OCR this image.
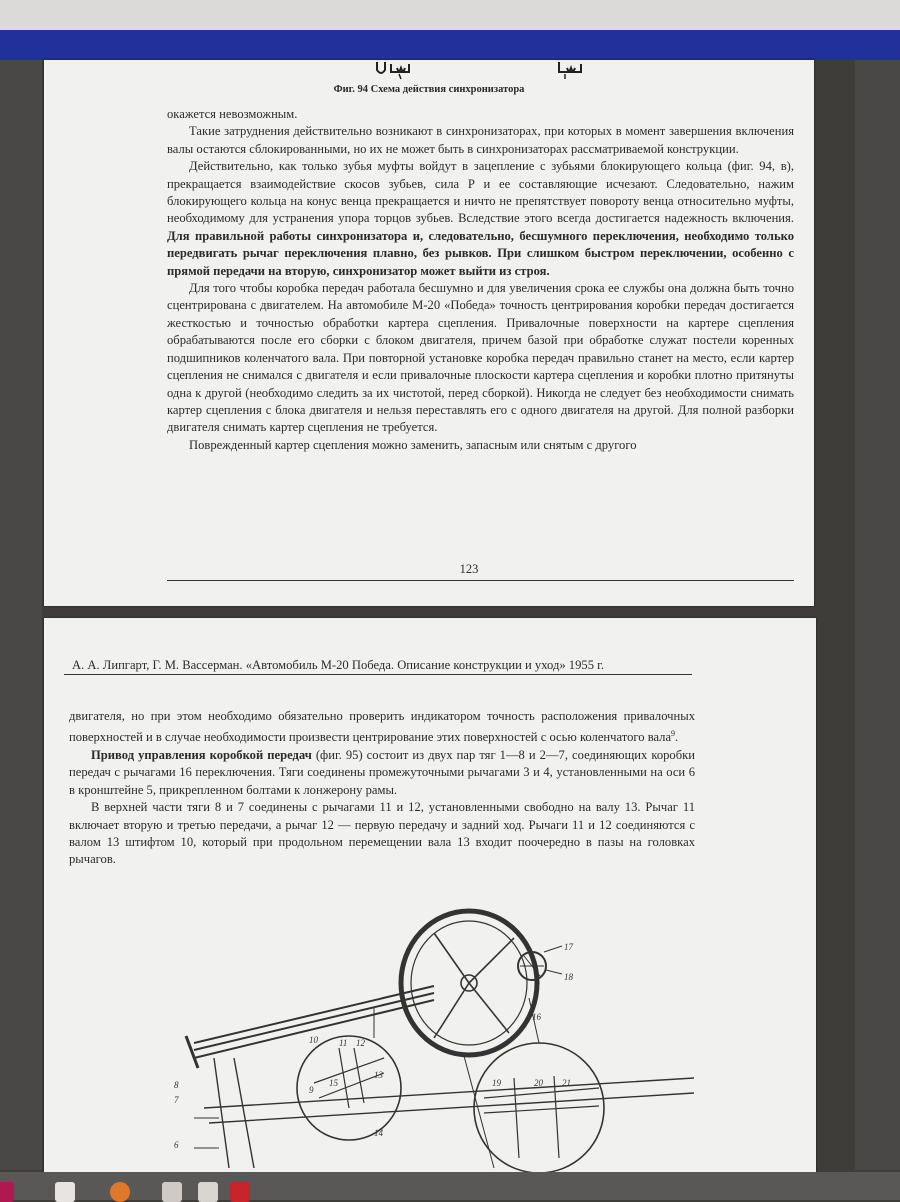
Фиг. 94 Схема действия синхронизатора

окажется невозможным.

Такие затруднения действительно возникают в синхронизаторах, при которых в момент завершения включения валы остаются сблокированными, но их не может быть в синхронизаторах рассматриваемой конструкции.

Действительно, как только зубья муфты войдут в зацепление с зубьями блокирующего кольца (фиг. 94, в), прекращается взаимодействие скосов зубьев, сила Р и ее составляющие исчезают. Следовательно, нажим блокирующего кольца на конус венца прекращается и ничто не препятствует повороту венца относительно муфты, необходимому для устранения упора торцов зубьев. Вследствие этого всегда достигается надежность включения. Для правильной работы синхронизатора и, следовательно, бесшумного переключения, необходимо только передвигать рычаг переключения плавно, без рывков. При слишком быстром переключении, особенно с прямой передачи на вторую, синхронизатор может выйти из строя.

Для того чтобы коробка передач работала бесшумно и для увеличения срока ее службы она должна быть точно сцентрирована с двигателем. На автомобиле М-20 «Победа» точность центрирования коробки передач достигается жесткостью и точностью обработки картера сцепления. Привалочные поверхности на картере сцепления обрабатываются после его сборки с блоком двигателя, причем базой при обработке служат постели коренных подшипников коленчатого вала. При повторной установке коробка передач правильно станет на место, если картер сцепления не снимался с двигателя и если привалочные плоскости картера сцепления и коробки плотно притянуты одна к другой (необходимо следить за их чистотой, перед сборкой). Никогда не следует без необходимости снимать картер сцепления с блока двигателя и нельзя переставлять его с одного двигателя на другой. Для полной разборки двигателя снимать картер сцепления не требуется.

Поврежденный картер сцепления можно заменить, запасным или снятым с другого

123
А. А. Липгарт, Г. М. Вассерман. «Автомобиль М-20 Победа. Описание конструкции и уход» 1955 г.

двигателя, но при этом необходимо обязательно проверить индикатором точность расположения привалочных поверхностей и в случае необходимости произвести центрирование этих поверхностей с осью коленчатого вала$^9$.

Привод управления коробкой передач (фиг. 95) состоит из двух пар тяг 1—8 и 2—7, соединяющих коробки передач с рычагами 16 переключения. Тяги соединены промежуточными рычагами 3 и 4, установленными на оси 6 в кронштейне 5, прикрепленном болтами к лонжерону рамы.

В верхней части тяги 8 и 7 соединены с рычагами 11 и 12, установленными свободно на валу 13. Рычаг 11 включает вторую и третью передачи, а рычаг 12 — первую передачу и задний ход. Рычаги 11 и 12 соединяются с валом 13 штифтом 10, который при продольном перемещении вала 13 входит поочередно в пазы на головках рычагов.

17
18
16
10 11 12
9
15
13
19	20 21
8
7
6
14
